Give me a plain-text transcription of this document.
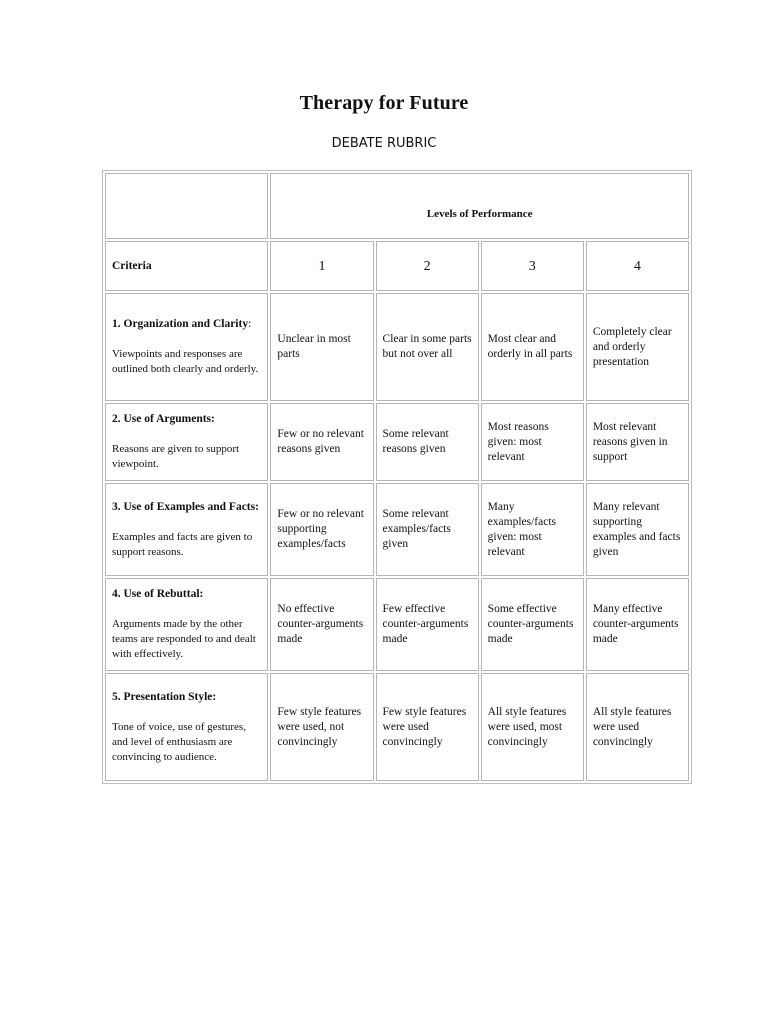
Therapy for Future
DEBATE RUBRIC
	Levels of Performance			
Criteria	1	2	3	4

1. Organization and Clarity:
Viewpoints and responses are outlined both clearly and orderly.	Unclear in most parts	Clear in some parts but not over all	Most clear and orderly in all parts	Completely clear and orderly presentation

2. Use of Arguments:
Reasons are given to support viewpoint.	Few or no relevant reasons given	Some relevant reasons given	Most reasons given: most relevant	Most relevant reasons given in support

3. Use of Examples and Facts:
Examples and facts are given to support reasons.	Few or no relevant supporting examples/facts	Some relevant examples/facts given	Many examples/facts given: most relevant	Many relevant supporting examples and facts given

4. Use of Rebuttal:
Arguments made by the other teams are responded to and dealt with effectively.	No effective counter-arguments made	Few effective counter-arguments made	Some effective counter-arguments made	Many effective counter-arguments made

5. Presentation Style:
Tone of voice, use of gestures, and level of enthusiasm are convincing to audience.	Few style features were used, not convincingly	Few style features were used convincingly	All style features were used, most convincingly	All style features were used convincingly
